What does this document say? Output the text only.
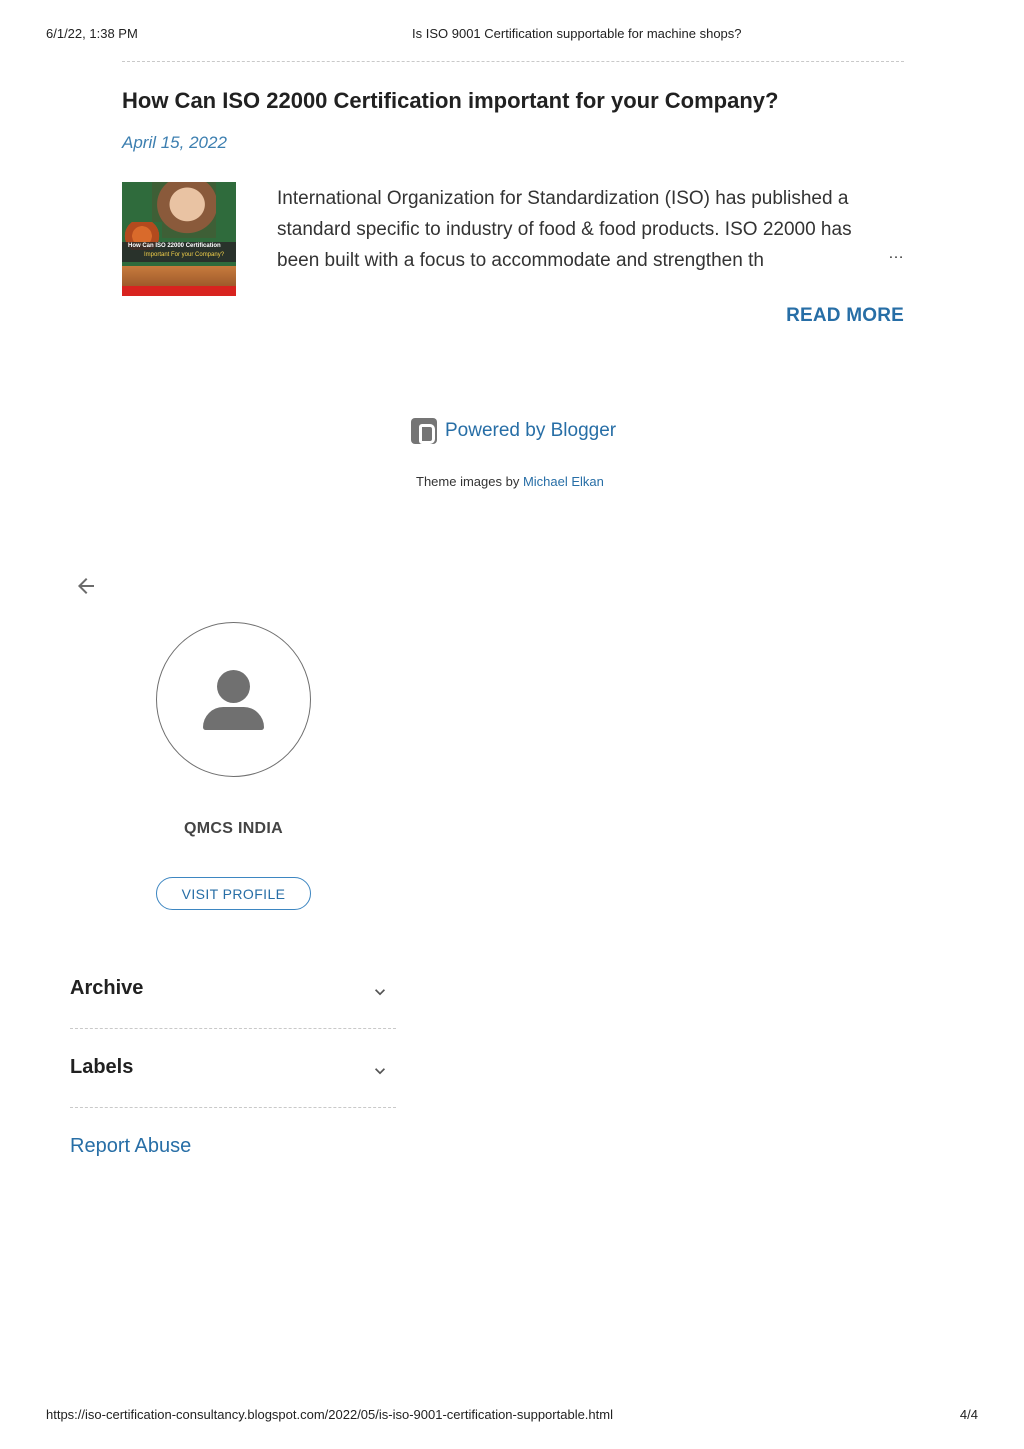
6/1/22, 1:38 PM	Is ISO 9001 Certification supportable for machine shops?
How Can ISO 22000 Certification important for your Company?
April 15, 2022
How Can ISO 22000 Certification
Important For your Company?
International Organization for Standardization (ISO) has published a
standard specific to industry of food & food products. ISO 22000 has
been built with a focus to accommodate and strengthen th	…
READ MORE
Powered by Blogger
Theme images by Michael Elkan
QMCS INDIA
VISIT PROFILE
Archive
Labels
Report Abuse
https://iso-certification-consultancy.blogspot.com/2022/05/is-iso-9001-certification-supportable.html	4/4
